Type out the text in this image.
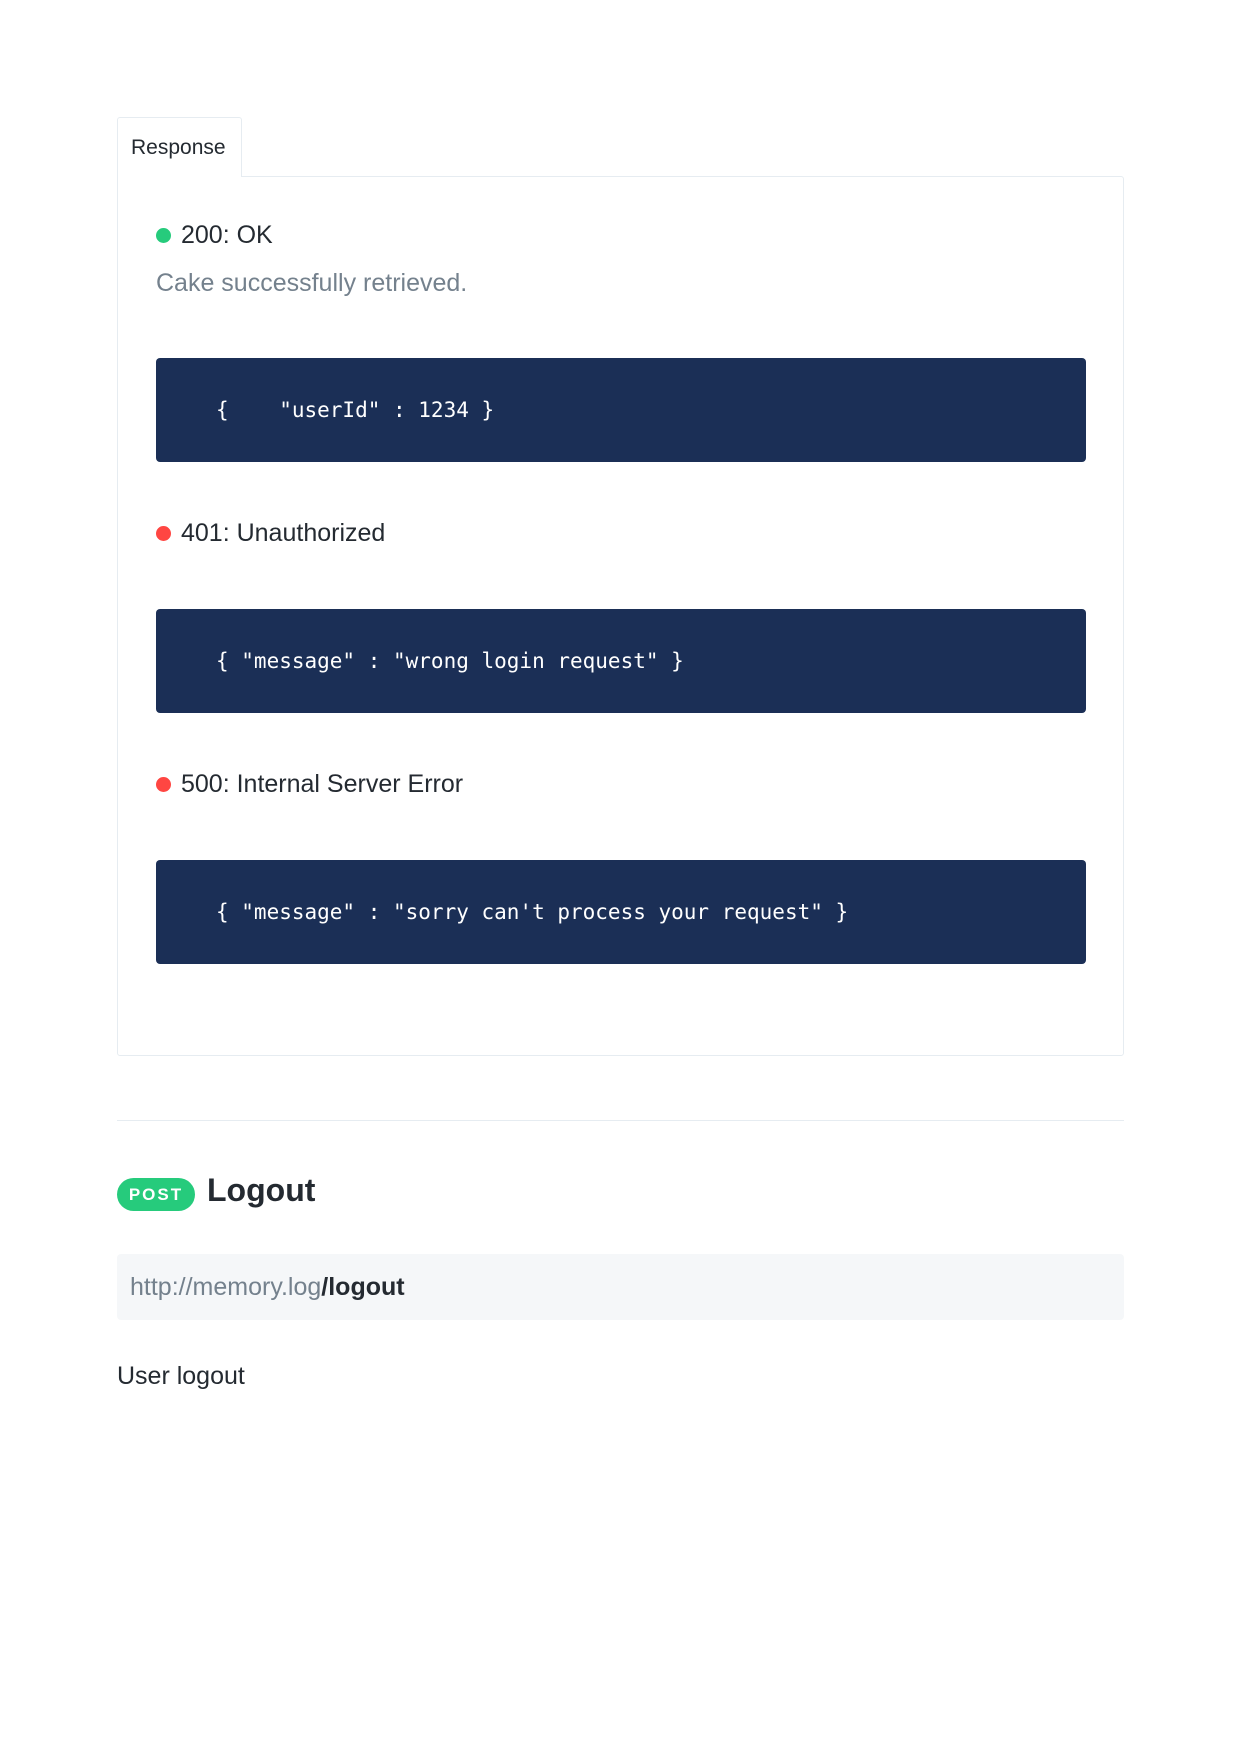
Response
200: OK
Cake successfully retrieved.
{    "userId" : 1234 }
401: Unauthorized
{ "message" : "wrong login request" }
500: Internal Server Error
{ "message" : "sorry can't process your request" }
POST Logout
http://memory.log /logout
User logout
